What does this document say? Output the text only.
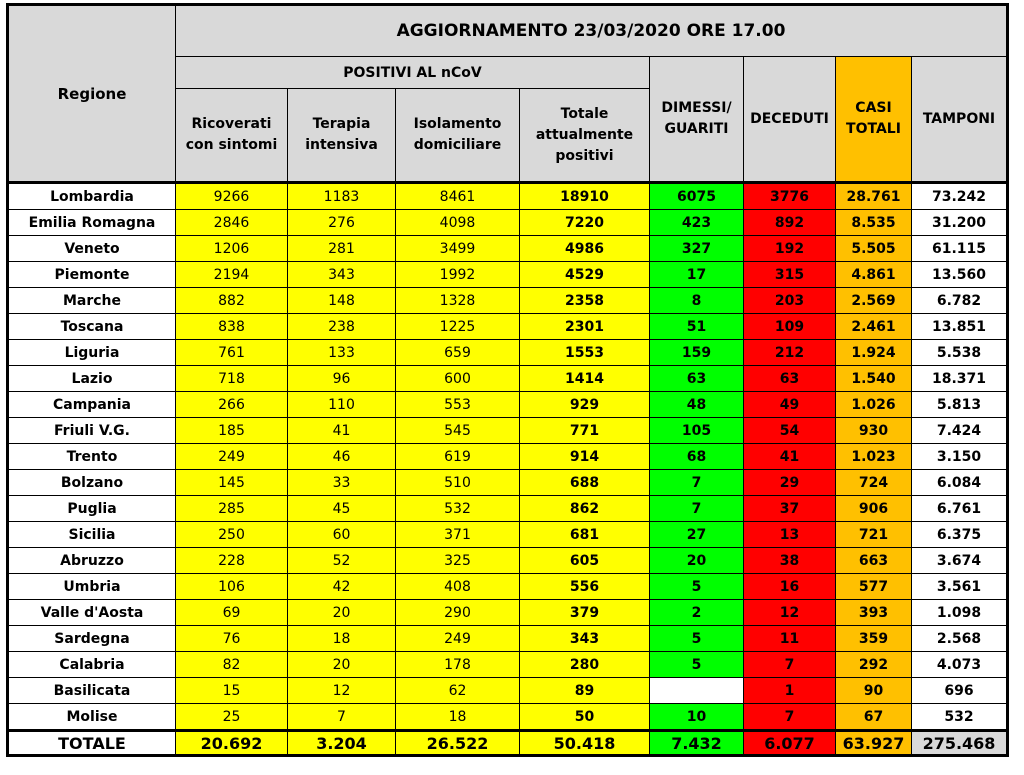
Regione	AGGIORNAMENTO 23/03/2020 ORE 17.00							
	POSITIVI AL nCoV				DIMESSI/ GUARITI	DECEDUTI	CASI TOTALI	TAMPONI
	Ricoverati con sintomi	Terapia intensiva	Isolamento domiciliare	Totale attualmente positivi				
Lombardia	9266	1183	8461	18910	6075	3776	28.761	73.242
Emilia Romagna	2846	276	4098	7220	423	892	8.535	31.200
Veneto	1206	281	3499	4986	327	192	5.505	61.115
Piemonte	2194	343	1992	4529	17	315	4.861	13.560
Marche	882	148	1328	2358	8	203	2.569	6.782
Toscana	838	238	1225	2301	51	109	2.461	13.851
Liguria	761	133	659	1553	159	212	1.924	5.538
Lazio	718	96	600	1414	63	63	1.540	18.371
Campania	266	110	553	929	48	49	1.026	5.813
Friuli V.G.	185	41	545	771	105	54	930	7.424
Trento	249	46	619	914	68	41	1.023	3.150
Bolzano	145	33	510	688	7	29	724	6.084
Puglia	285	45	532	862	7	37	906	6.761
Sicilia	250	60	371	681	27	13	721	6.375
Abruzzo	228	52	325	605	20	38	663	3.674
Umbria	106	42	408	556	5	16	577	3.561
Valle d'Aosta	69	20	290	379	2	12	393	1.098
Sardegna	76	18	249	343	5	11	359	2.568
Calabria	82	20	178	280	5	7	292	4.073
Basilicata	15	12	62	89		1	90	696
Molise	25	7	18	50	10	7	67	532
TOTALE	20.692	3.204	26.522	50.418	7.432	6.077	63.927	275.468
